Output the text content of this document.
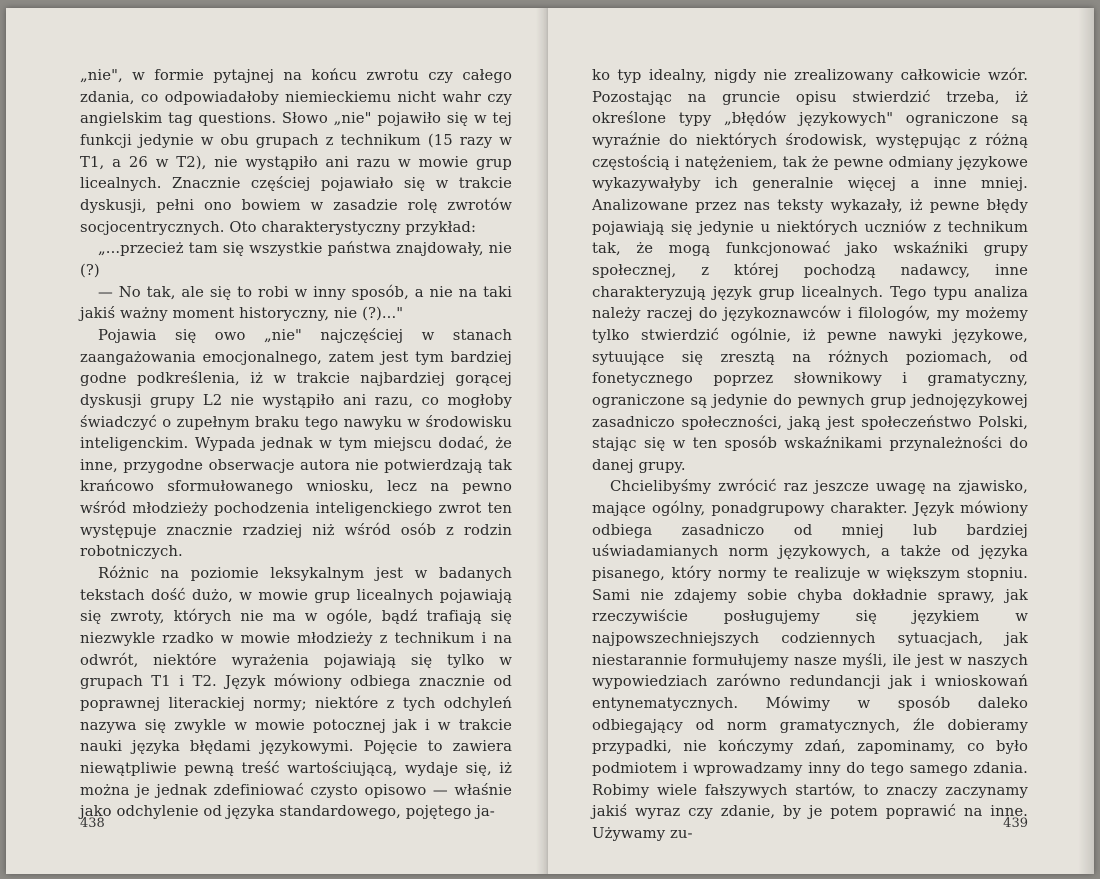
„nie", w formie pytajnej na końcu zwrotu czy całego zdania, co odpowiadałoby niemieckiemu nicht wahr czy angielskim tag questions. Słowo „nie" pojawiło się w tej funkcji jedynie w obu grupach z technikum (15 razy w T1, a 26 w T2), nie wystąpiło ani razu w mowie grup licealnych. Znacznie częściej pojawiało się w trakcie dyskusji, pełni ono bowiem w zasadzie rolę zwrotów socjocentrycznych. Oto charakterystyczny przykład:

„...przecież tam się wszystkie państwa znajdowały, nie (?)

— No tak, ale się to robi w inny sposób, a nie na taki jakiś ważny moment historyczny, nie (?)..."

Pojawia się owo „nie" najczęściej w stanach zaangażowania emocjonalnego, zatem jest tym bardziej godne podkreślenia, iż w trakcie najbardziej gorącej dyskusji grupy L2 nie wystąpiło ani razu, co mogłoby świadczyć o zupełnym braku tego nawyku w środowisku inteligenckim. Wypada jednak w tym miejscu dodać, że inne, przygodne obserwacje autora nie potwierdzają tak krańcowo sformułowanego wniosku, lecz na pewno wśród młodzieży pochodzenia inteligenckiego zwrot ten występuje znacznie rzadziej niż wśród osób z rodzin robotniczych.

Różnic na poziomie leksykalnym jest w badanych tekstach dość dużo, w mowie grup licealnych pojawiają się zwroty, których nie ma w ogóle, bądź trafiają się niezwykle rzadko w mowie młodzieży z technikum i na odwrót, niektóre wyrażenia pojawiają się tylko w grupach T1 i T2. Język mówiony odbiega znacznie od poprawnej literackiej normy; niektóre z tych odchyleń nazywa się zwykle w mowie potocznej jak i w trakcie nauki języka błędami językowymi. Pojęcie to zawiera niewątpliwie pewną treść wartościującą, wydaje się, iż można je jednak zdefiniować czysto opisowo — właśnie jako odchylenie od języka standardowego, pojętego ja-

438

ko typ idealny, nigdy nie zrealizowany całkowicie wzór. Pozostając na gruncie opisu stwierdzić trzeba, iż określone typy „błędów językowych" ograniczone są wyraźnie do niektórych środowisk, występując z różną częstością i natężeniem, tak że pewne odmiany językowe wykazywałyby ich generalnie więcej a inne mniej. Analizowane przez nas teksty wykazały, iż pewne błędy pojawiają się jedynie u niektórych uczniów z technikum tak, że mogą funkcjonować jako wskaźniki grupy społecznej, z której pochodzą nadawcy, inne charakteryzują język grup licealnych. Tego typu analiza należy raczej do językoznawców i filologów, my możemy tylko stwierdzić ogólnie, iż pewne nawyki językowe, sytuujące się zresztą na różnych poziomach, od fonetycznego poprzez słownikowy i gramatyczny, ograniczone są jedynie do pewnych grup jednojęzykowej zasadniczo społeczności, jaką jest społeczeństwo Polski, stając się w ten sposób wskaźnikami przynależności do danej grupy.

Chcielibyśmy zwrócić raz jeszcze uwagę na zjawisko, mające ogólny, ponadgrupowy charakter. Język mówiony odbiega zasadniczo od mniej lub bardziej uświadamianych norm językowych, a także od języka pisanego, który normy te realizuje w większym stopniu. Sami nie zdajemy sobie chyba dokładnie sprawy, jak rzeczywiście posługujemy się językiem w najpowszechniejszych codziennych sytuacjach, jak niestarannie formułujemy nasze myśli, ile jest w naszych wypowiedziach zarówno redundancji jak i wnioskowań entynematycznych. Mówimy w sposób daleko odbiegający od norm gramatycznych, źle dobieramy przypadki, nie kończymy zdań, zapominamy, co było podmiotem i wprowadzamy inny do tego samego zdania. Robimy wiele fałszywych startów, to znaczy zaczynamy jakiś wyraz czy zdanie, by je potem poprawić na inne. Używamy zu-

439
